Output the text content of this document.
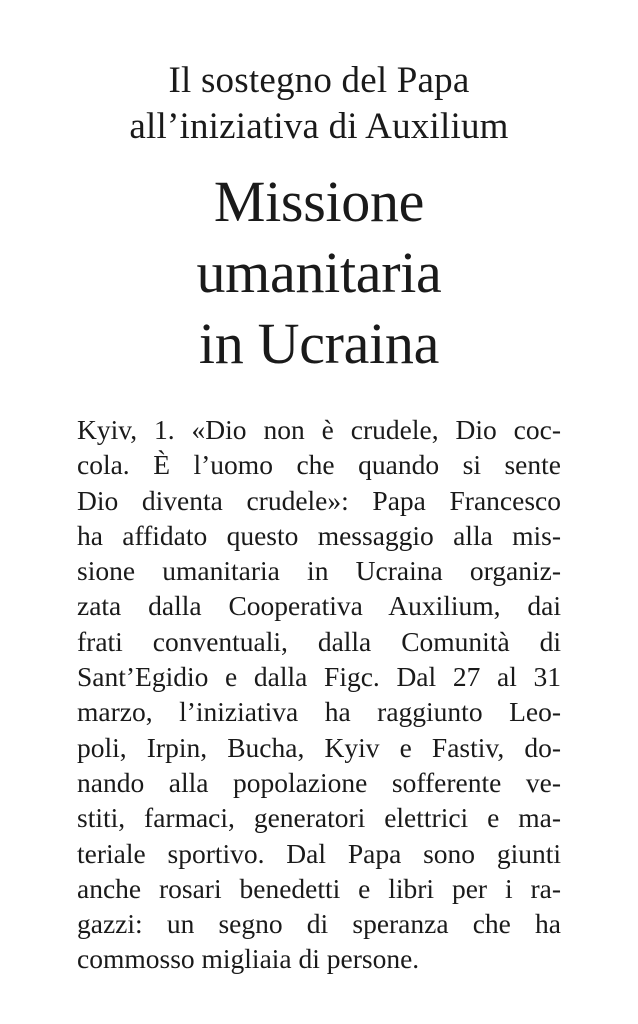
Il sostegno del Papa
all’iniziativa di Auxilium
Missione
umanitaria
in Ucraina
Kyiv, 1. «Dio non è crudele, Dio coc-
cola. È l’uomo che quando si sente
Dio diventa crudele»: Papa Francesco
ha affidato questo messaggio alla mis-
sione umanitaria in Ucraina organiz-
zata dalla Cooperativa Auxilium, dai
frati conventuali, dalla Comunità di
Sant’Egidio e dalla Figc. Dal 27 al 31
marzo, l’iniziativa ha raggiunto Leo-
poli, Irpin, Bucha, Kyiv e Fastiv, do-
nando alla popolazione sofferente ve-
stiti, farmaci, generatori elettrici e ma-
teriale sportivo. Dal Papa sono giunti
anche rosari benedetti e libri per i ra-
gazzi: un segno di speranza che ha
commosso migliaia di persone.
